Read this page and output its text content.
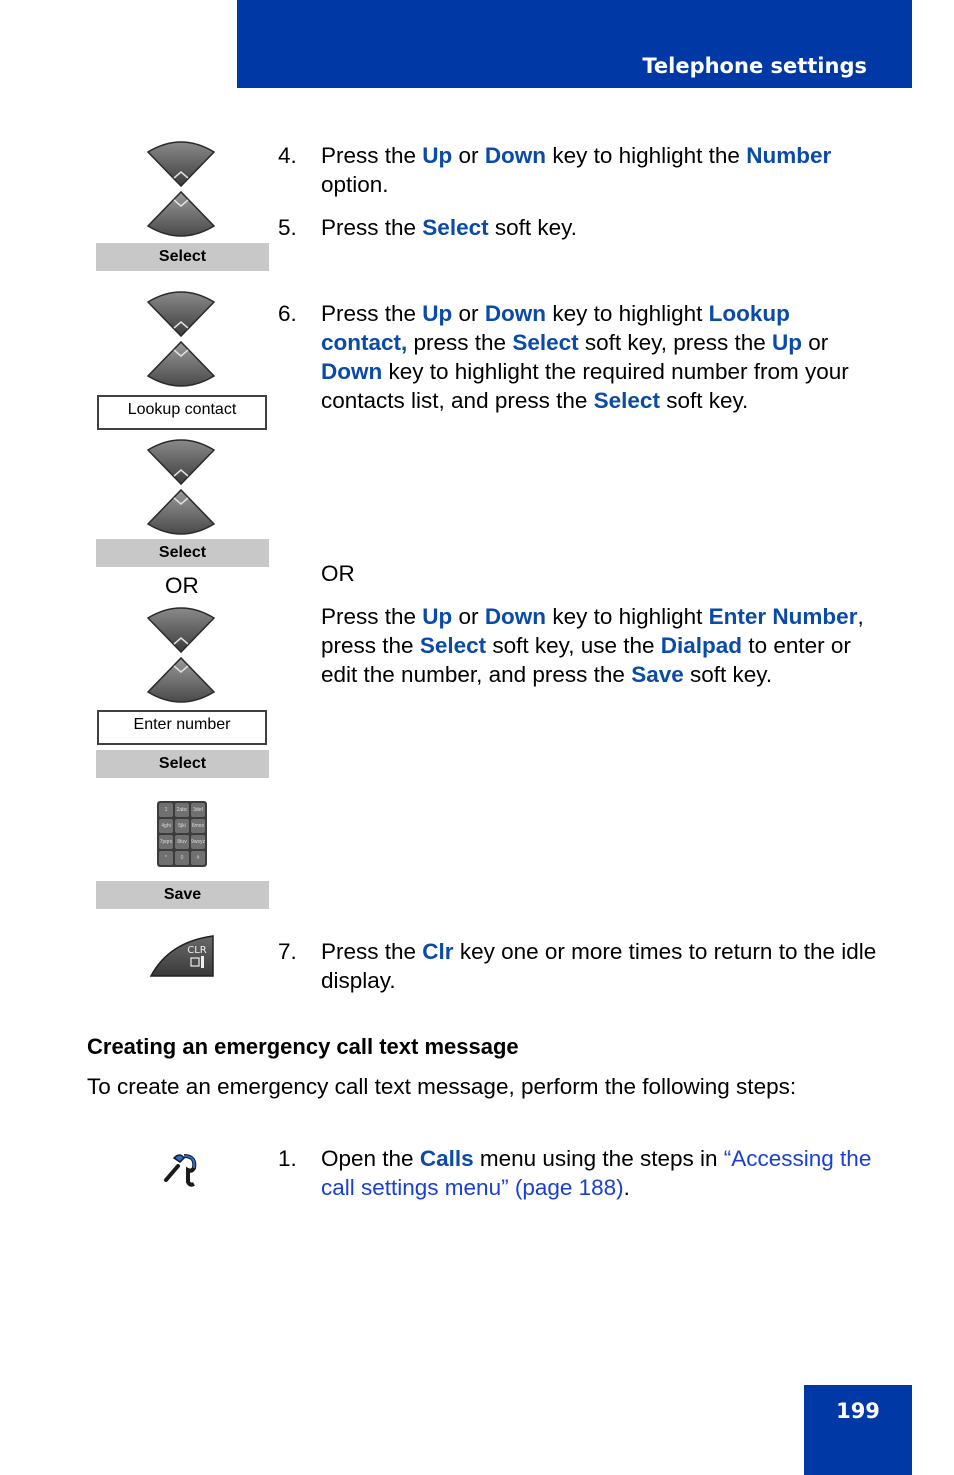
Telephone settings
Select
4. Press the Up or Down key to highlight the Number
option.
5. Press the Select soft key.
Lookup contact
Select
6. Press the Up or Down key to highlight Lookup contact, press the Select soft key, press the Up or Down key to highlight the required number from your contacts list, and press the Select soft key.
OR	OR
Enter number
Select
Press the Up or Down key to highlight Enter Number, press the Select soft key, use the Dialpad to enter or edit the number, and press the Save soft key.
1	2abc	3def
4ghi	5jkl	6mno
7pqrs	8tuv 9wxyz
*	0	#
Save
CLR	7. Press the Clr key one or more times to return to the idle display.
Creating an emergency call text message
To create an emergency call text message, perform the following steps:
1. Open the Calls menu using the steps in “Accessing the call settings menu” (page 188).
199
